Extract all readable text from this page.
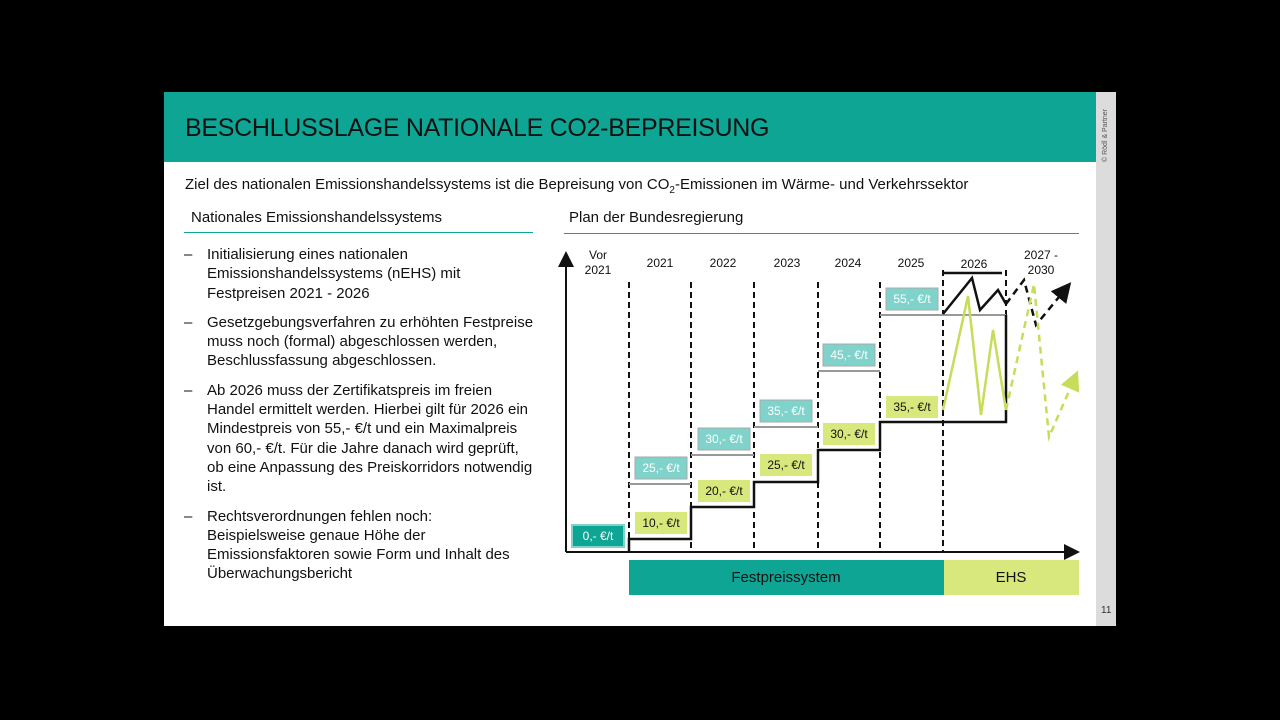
BESCHLUSSLAGE NATIONALE CO2-BEPREISUNG	© Rödl & Partner
11
Ziel des nationalen Emissionshandelssystems ist die Bepreisung von $CO_2$-Emissionen im Wärme- und Verkehrssektor
Nationales Emissionshandelssystems
– Initialisierung eines nationalen Emissionshandelssystems (nEHS) mit Festpreisen 2021 - 2026
– Gesetzgebungsverfahren zu erhöhten Festpreise muss noch (formal) abgeschlossen werden, Beschlussfassung abgeschlossen.
– Ab 2026 muss der Zertifikatspreis im freien Handel ermittelt werden. Hierbei gilt für 2026 ein Mindestpreis von 55,- €/t und ein Maximalpreis von 60,- €/t. Für die Jahre danach wird geprüft, ob eine Anpassung des Preiskorridors notwendig ist.
– Rechtsverordnungen fehlen noch: Beispielsweise genaue Höhe der Emissionsfaktoren sowie Form und Inhalt des Überwachungsbericht
Plan der Bundesregierung
Vor 2021	2021	2022	2023	2024	2025	2026
2027 -2030
0,- €/t
25,- €/t
30,- €/t
35,- €/t
45,- €/t
55,- €/t
10,- €/t
20,- €/t
25,- €/t
30,- €/t
35,- €/t
Festpreissystem	EHS
